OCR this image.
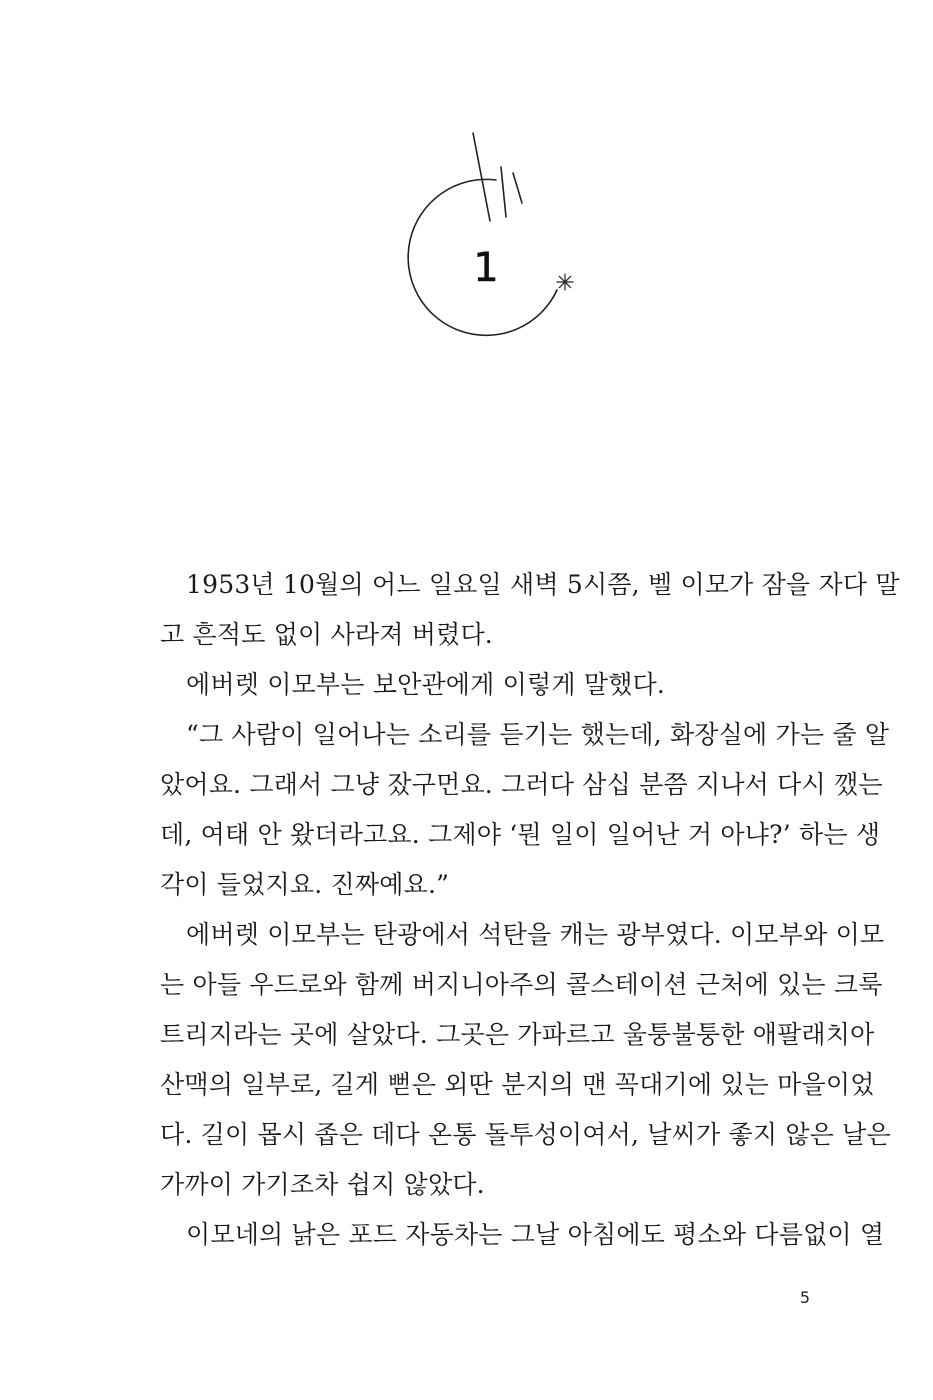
1
1953년 10월의 어느 일요일 새벽 5시쯤, 벨 이모가 잠을 자다 말
고 흔적도 없이 사라져 버렸다.
에버렛 이모부는 보안관에게 이렇게 말했다.
“그 사람이 일어나는 소리를 듣기는 했는데, 화장실에 가는 줄 알
았어요. 그래서 그냥 잤구먼요. 그러다 삼십 분쯤 지나서 다시 깼는
데, 여태 안 왔더라고요. 그제야 ‘뭔 일이 일어난 거 아냐?’ 하는 생
각이 들었지요. 진짜예요.”
에버렛 이모부는 탄광에서 석탄을 캐는 광부였다. 이모부와 이모
는 아들 우드로와 함께 버지니아주의 콜스테이션 근처에 있는 크룩
트리지라는 곳에 살았다. 그곳은 가파르고 울퉁불퉁한 애팔래치아
산맥의 일부로, 길게 뻗은 외딴 분지의 맨 꼭대기에 있는 마을이었
다. 길이 몹시 좁은 데다 온통 돌투성이여서, 날씨가 좋지 않은 날은
가까이 가기조차 쉽지 않았다.
이모네의 낡은 포드 자동차는 그날 아침에도 평소와 다름없이 열
5
